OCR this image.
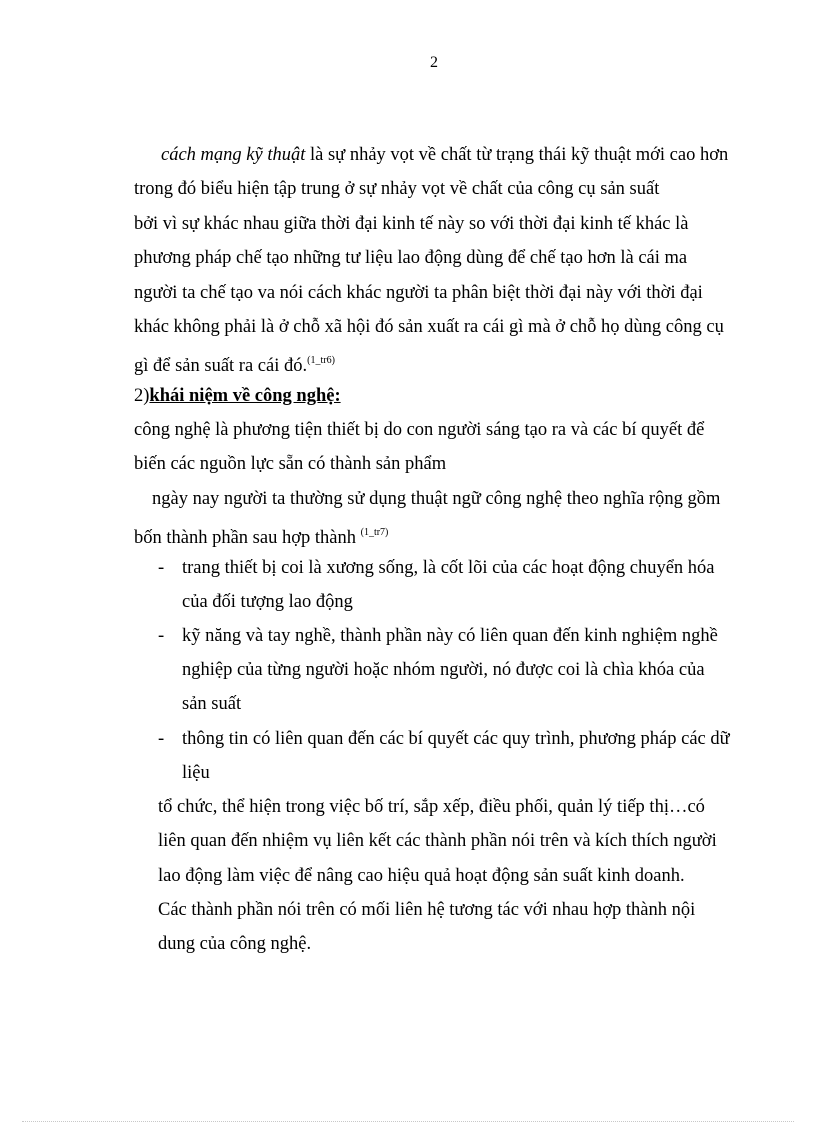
2
cách mạng kỹ thuật là sự nhảy vọt về chất từ trạng thái kỹ thuật mới cao hơn
trong đó biểu hiện tập trung ở sự nhảy vọt về chất của công cụ sản suất
bởi vì sự khác nhau giữa thời đại kinh tế này so với thời đại kinh tế khác là
phương pháp chế tạo những tư liệu lao động dùng để chế tạo hơn là cái ma
người ta chế tạo va nói cách khác người ta phân biệt thời đại này với thời đại
khác không phải là ở chỗ xã hội đó sản xuất ra cái gì mà ở chỗ họ dùng công cụ
gì để sản suất ra cái đó.$^{(1\_tr6)}$
2)khái niệm về công nghệ:
công nghệ là phương tiện thiết bị do con người sáng tạo ra và các bí quyết để
biến các nguồn lực sẵn có thành sản phẩm
ngày nay người ta thường sử dụng thuật ngữ công nghệ theo nghĩa rộng gồm
bốn thành phần sau hợp thành $^{(1\_tr7)}$
- trang thiết bị coi là xương sống, là cốt lõi của các hoạt động chuyển hóa
của đối tượng lao động
- kỹ năng và tay nghề, thành phần này có liên quan đến kinh nghiệm nghề
nghiệp của từng người hoặc nhóm người, nó được coi là chìa khóa của
sản suất
- thông tin có liên quan đến các bí quyết các quy trình, phương pháp các dữ
liệu
tổ chức, thể hiện trong việc bố trí, sắp xếp, điều phối, quản lý tiếp thị…có
liên quan đến nhiệm vụ liên kết các thành phần nói trên và kích thích người
lao động làm việc để nâng cao hiệu quả hoạt động sản suất kinh doanh.
Các thành phần nói trên có mối liên hệ tương tác với nhau hợp thành nội
dung của công nghệ.
